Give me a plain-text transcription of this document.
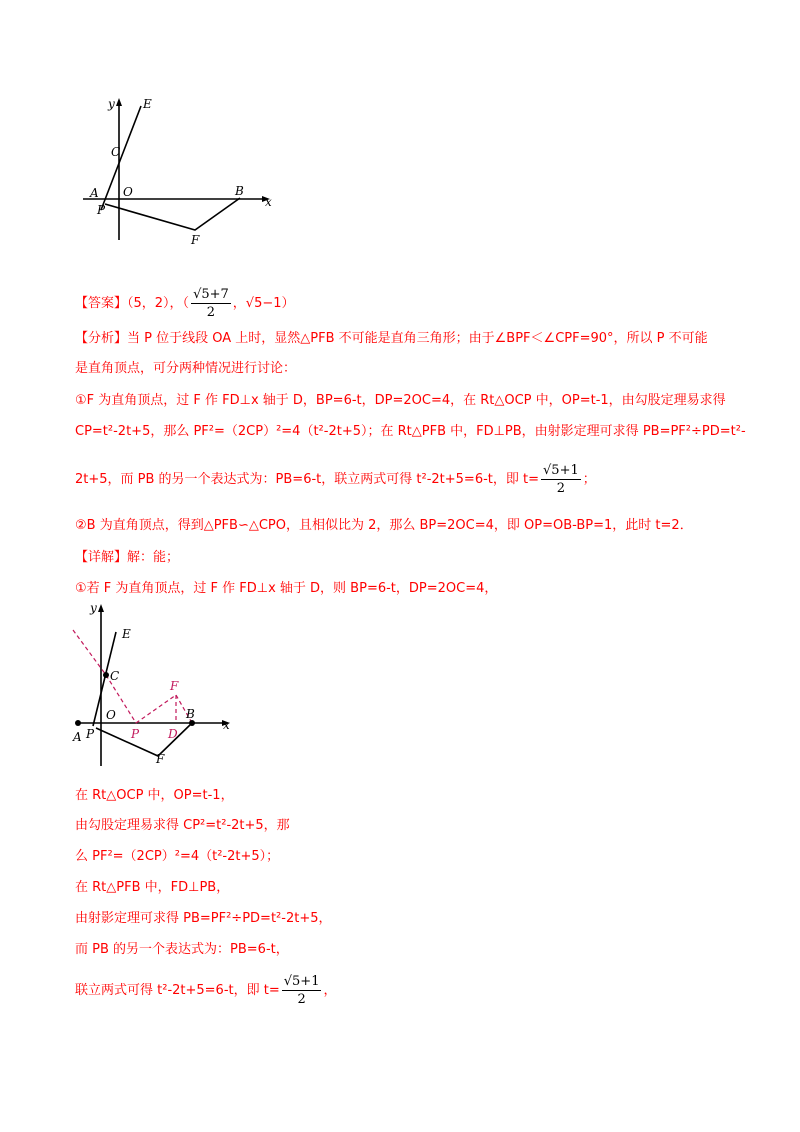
y E
C
A O	B
x
P
F
【答案】（5，2），（ $\frac{√5+7}{2}$ ，√5−1）
【分析】当 P 位于线段 OA 上时，显然△PFB 不可能是直角三角形；由于∠BPF＜∠CPF=90°，所以 P 不可能
是直角顶点，可分两种情况进行讨论：
①F 为直角顶点，过 F 作 FD⊥x 轴于 D，BP=6-t，DP=2OC=4，在 Rt△OCP 中，OP=t-1，由勾股定理易求得
CP=t²-2t+5，那么 PF²=（2CP）²=4（t²-2t+5）；在 Rt△PFB 中，FD⊥PB，由射影定理可求得 PB=PF²÷PD=t²-
2t+5，而 PB 的另一个表达式为：PB=6-t，联立两式可得 t²-2t+5=6-t，即 $t= \frac{√5+1}{2}$ ；
②B 为直角顶点，得到△PFB∽△CPO，且相似比为 2，那么 BP=2OC=4，即 OP=OB-BP=1，此时 t=2．
【详解】解：能；
①若 F 为直角顶点，过 F 作 FD⊥x 轴于 D，则 BP=6-t，DP=2OC=4，
y
E
C
O	B
x
A P
F
F
P D
在 Rt△OCP 中，OP=t-1，
由勾股定理易求得 CP²=t²-2t+5，那
么 PF²=（2CP）²=4（t²-2t+5）；
在 Rt△PFB 中，FD⊥PB，
由射影定理可求得 PB=PF²÷PD=t²-2t+5，
而 PB 的另一个表达式为：PB=6-t，
联立两式可得 t²-2t+5=6-t，即 $t= \frac{√5+1}{2}$ ，
